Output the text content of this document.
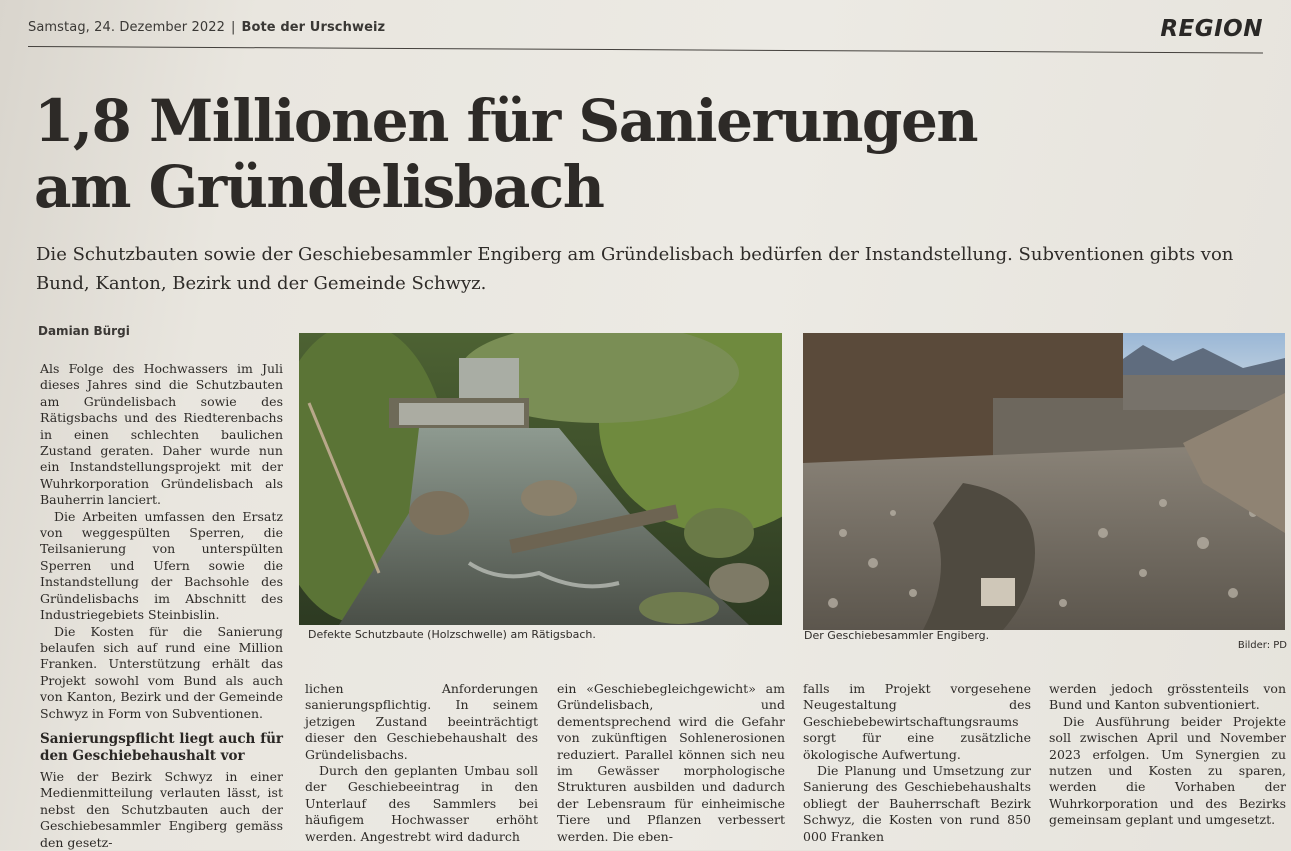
Samstag, 24. Dezember 2022 | Bote der Urschweiz	REGION
1,8 Millionen für Sanierungen
am Gründelisbach

Die Schutzbauten sowie der Geschiebesammler Engiberg am Gründelisbach bedürfen der Instandstellung. Subventionen gibts von Bund, Kanton, Bezirk und der Gemeinde Schwyz.

Damian Bürgi

Als Folge des Hochwassers im Juli dieses Jahres sind die Schutzbauten am Gründelisbach sowie des Rätigsbachs und des Riedterenbachs in einen schlechten baulichen Zustand geraten. Daher wurde nun ein Instandstellungsprojekt mit der Wuhrkorporation Gründelisbach als Bauherrin lanciert.

Die Arbeiten umfassen den Ersatz von weggespülten Sperren, die Teilsanierung von unterspülten Sperren und Ufern sowie die Instandstellung der Bachsohle des Gründelisbachs im Abschnitt des Industriegebiets Steinbislin.

Die Kosten für die Sanierung belaufen sich auf rund eine Million Franken. Unterstützung erhält das Projekt sowohl vom Bund als auch von Kanton, Bezirk und der Gemeinde Schwyz in Form von Subventionen.

Sanierungspflicht liegt auch für den Geschiebehaushalt vor

Wie der Bezirk Schwyz in einer Medienmitteilung verlauten lässt, ist nebst den Schutzbauten auch der Geschiebesammler Engiberg gemäss den gesetz-

Defekte Schutzbaute (Holzschwelle) am Rätigsbach.	Der Geschiebesammler Engiberg.
Bilder: PD

lichen Anforderungen sanierungspflichtig. In seinem jetzigen Zustand beeinträchtigt dieser den Geschiebehaushalt des Gründelisbachs.

Durch den geplanten Umbau soll der Geschiebeeintrag in den Unterlauf des Sammlers bei häufigem Hochwasser erhöht werden. Angestrebt wird dadurch

ein «Geschiebegleichgewicht» am Gründelisbach, und dementsprechend wird die Gefahr von zukünftigen Sohlenerosionen reduziert. Parallel können sich neu im Gewässer morphologische Strukturen ausbilden und dadurch der Lebensraum für einheimische Tiere und Pflanzen verbessert werden. Die eben-

falls im Projekt vorgesehene Neugestaltung des Geschiebebewirtschaftungsraums sorgt für eine zusätzliche ökologische Aufwertung.

Die Planung und Umsetzung zur Sanierung des Geschiebehaushalts obliegt der Bauherrschaft Bezirk Schwyz, die Kosten von rund 850 000 Franken

werden jedoch grösstenteils von Bund und Kanton subventioniert.

Die Ausführung beider Projekte soll zwischen April und November 2023 erfolgen. Um Synergien zu nutzen und Kosten zu sparen, werden die Vorhaben der Wuhrkorporation und des Bezirks gemeinsam geplant und umgesetzt.
